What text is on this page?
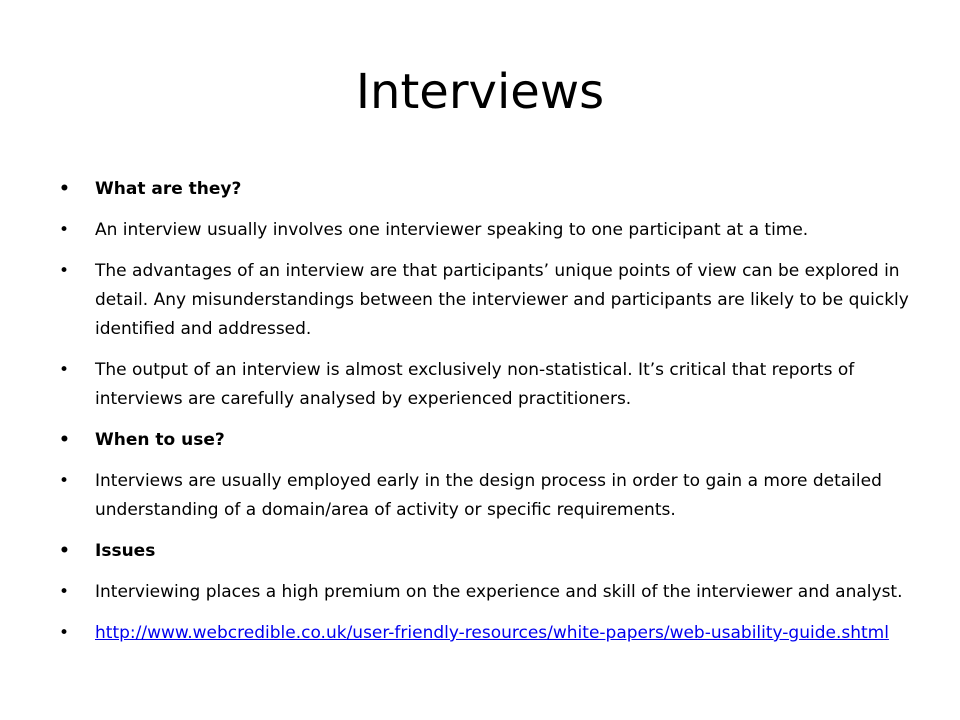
Interviews
• What are they?
• An interview usually involves one interviewer speaking to one participant at a time.
• The advantages of an interview are that participants’ unique points of view can be explored in detail. Any misunderstandings between the interviewer and participants are likely to be quickly identified and addressed.
• The output of an interview is almost exclusively non-statistical. It’s critical that reports of interviews are carefully analysed by experienced practitioners.
• When to use?
• Interviews are usually employed early in the design process in order to gain a more detailed understanding of a domain/area of activity or specific requirements.
• Issues
• Interviewing places a high premium on the experience and skill of the interviewer and analyst.
• http://www.webcredible.co.uk/user-friendly-resources/white-papers/web-usability-guide.shtml
